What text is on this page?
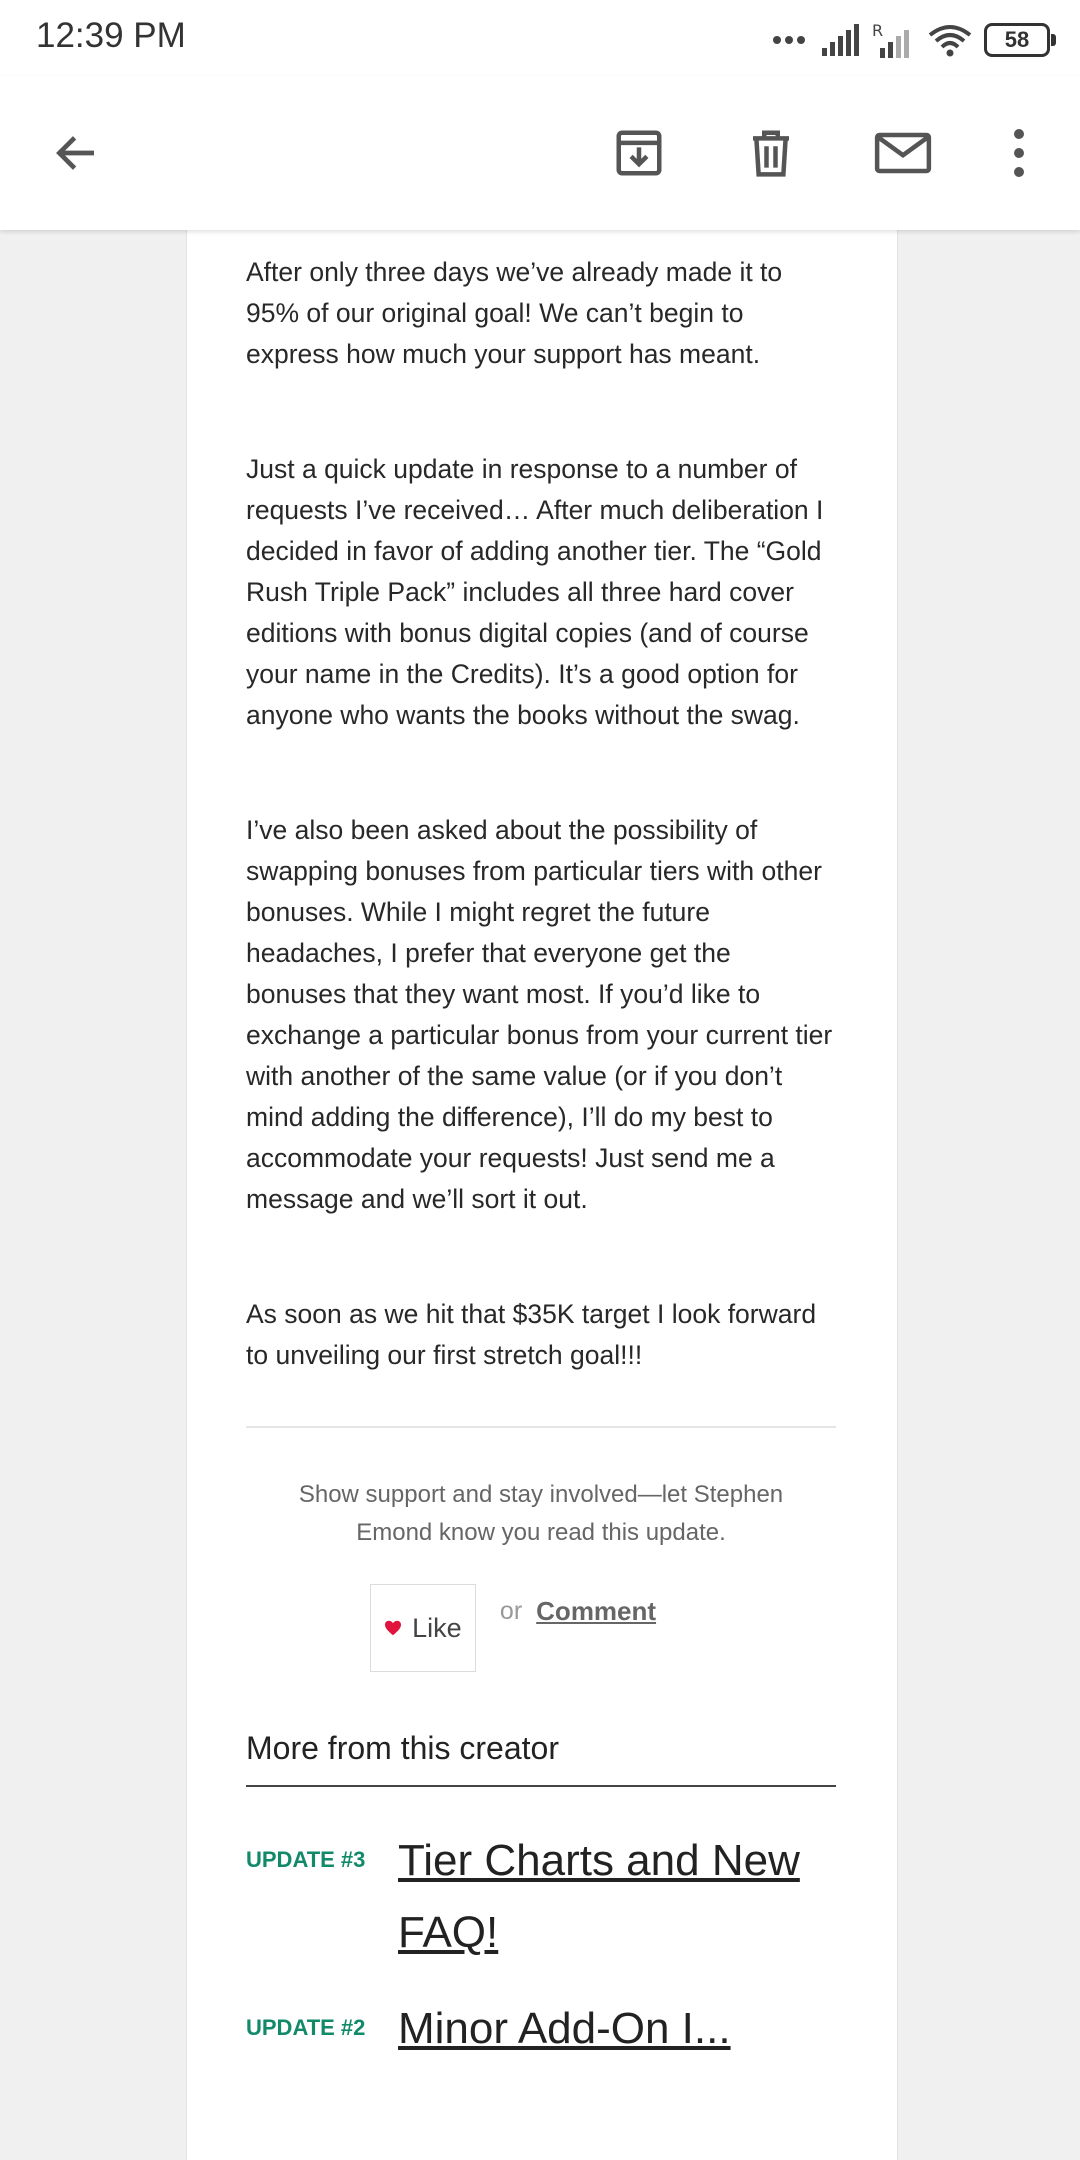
12:39 PM	R	58

After only three days we’ve already made it to 95% of our original goal! We can’t begin to express how much your support has meant.

Just a quick update in response to a number of requests I’ve received… After much deliberation I decided in favor of adding another tier. The “Gold Rush Triple Pack” includes all three hard cover editions with bonus digital copies (and of course your name in the Credits). It’s a good option for anyone who wants the books without the swag.

I’ve also been asked about the possibility of swapping bonuses from particular tiers with other bonuses. While I might regret the future headaches, I prefer that everyone get the bonuses that they want most. If you’d like to exchange a particular bonus from your current tier with another of the same value (or if you don’t mind adding the difference), I’ll do my best to accommodate your requests! Just send me a message and we’ll sort it out.

As soon as we hit that $35K target I look forward to unveiling our first stretch goal!!!

Show support and stay involved—let Stephen Emond know you read this update.
Like
or Comment
More from this creator
UPDATE #3 Tier Charts and New FAQ!
UPDATE #2 Minor Add-On I...
